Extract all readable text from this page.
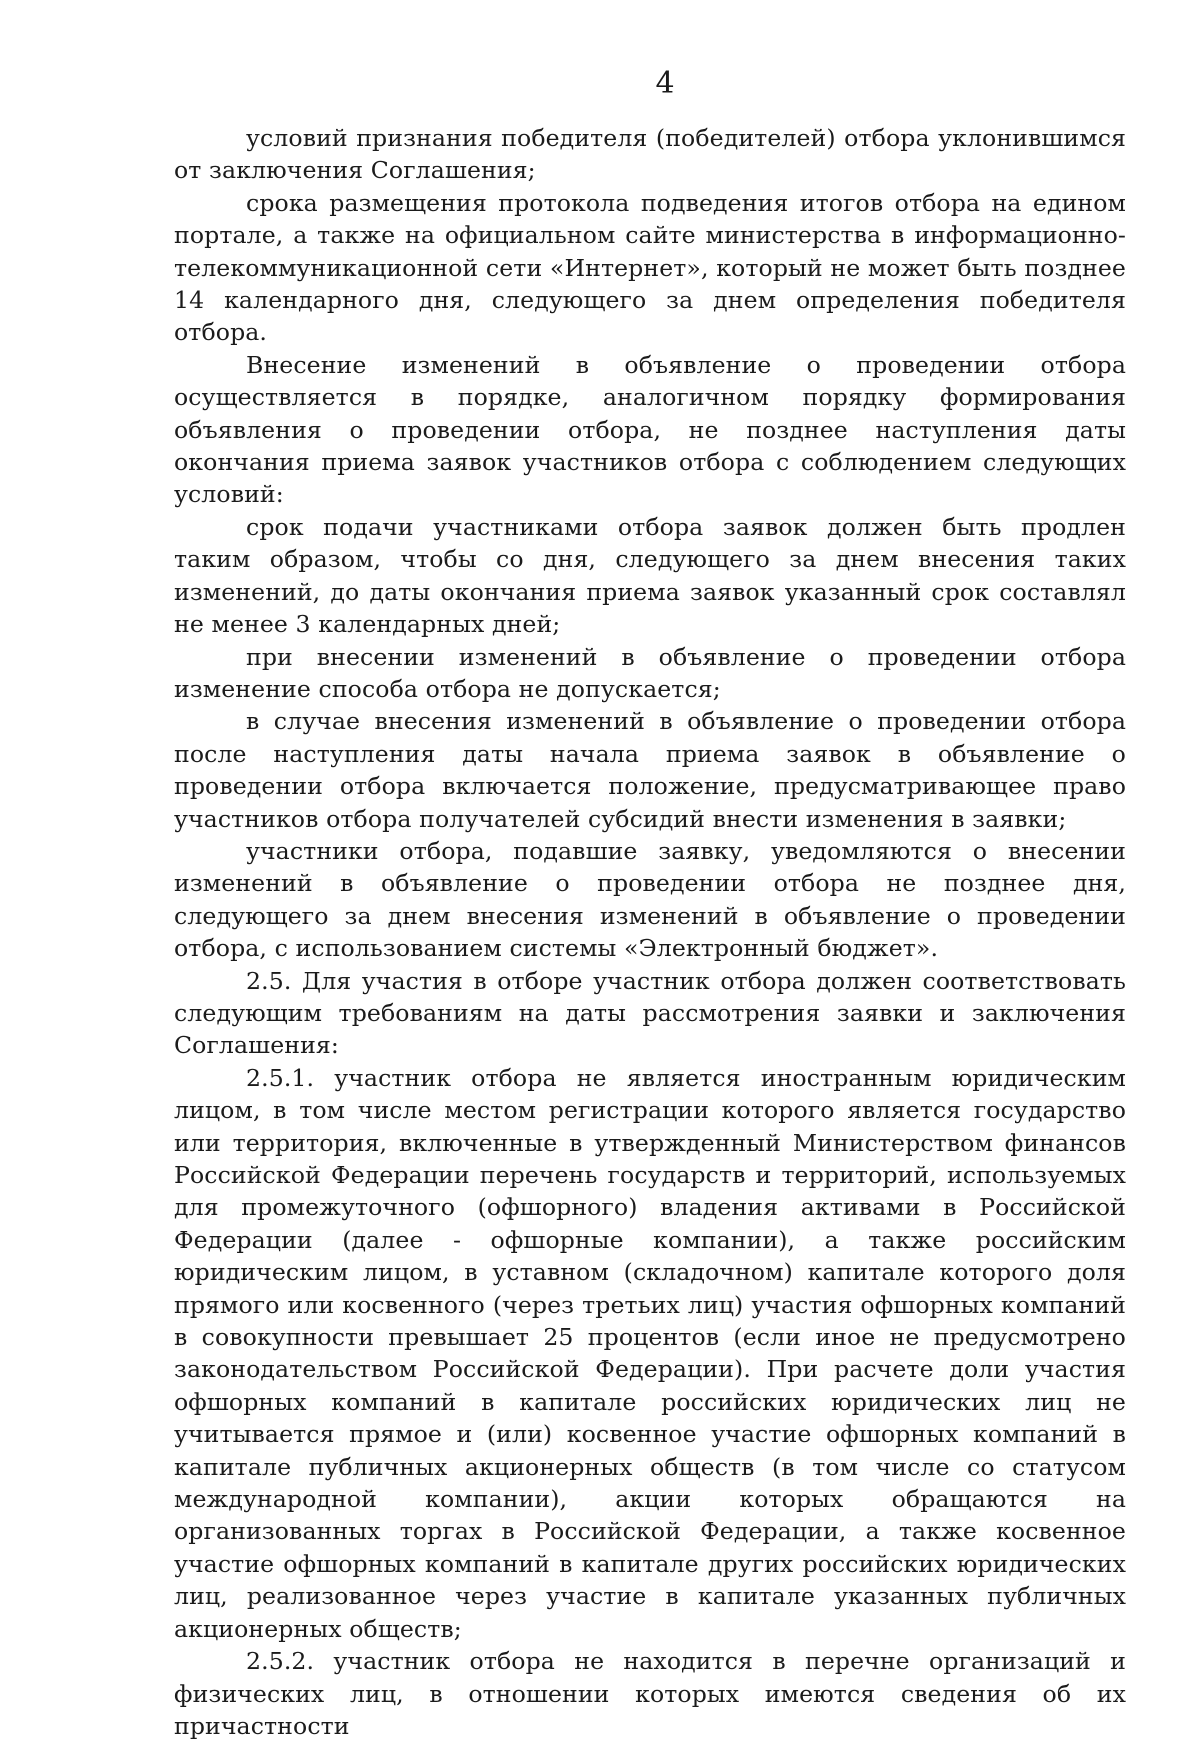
4

условий признания победителя (победителей) отбора уклонившимся от заключения Соглашения;

срока размещения протокола подведения итогов отбора на едином портале, а также на официальном сайте министерства в информационно-телекоммуникационной сети «Интернет», который не может быть позднее 14 календарного дня, следующего за днем определения победителя отбора.

Внесение изменений в объявление о проведении отбора осуществляется в порядке, аналогичном порядку формирования объявления о проведении отбора, не позднее наступления даты окончания приема заявок участников отбора с соблюдением следующих условий:

срок подачи участниками отбора заявок должен быть продлен таким образом, чтобы со дня, следующего за днем внесения таких изменений, до даты окончания приема заявок указанный срок составлял не менее 3 календарных дней;

при внесении изменений в объявление о проведении отбора изменение способа отбора не допускается;

в случае внесения изменений в объявление о проведении отбора после наступления даты начала приема заявок в объявление о проведении отбора включается положение, предусматривающее право участников отбора получателей субсидий внести изменения в заявки;

участники отбора, подавшие заявку, уведомляются о внесении изменений в объявление о проведении отбора не позднее дня, следующего за днем внесения изменений в объявление о проведении отбора, с использованием системы «Электронный бюджет».

2.5. Для участия в отборе участник отбора должен соответствовать следующим требованиям на даты рассмотрения заявки и заключения Соглашения:

2.5.1. участник отбора не является иностранным юридическим лицом, в том числе местом регистрации которого является государство или территория, включенные в утвержденный Министерством финансов Российской Федерации перечень государств и территорий, используемых для промежуточного (офшорного) владения активами в Российской Федерации (далее - офшорные компании), а также российским юридическим лицом, в уставном (складочном) капитале которого доля прямого или косвенного (через третьих лиц) участия офшорных компаний в совокупности превышает 25 процентов (если иное не предусмотрено законодательством Российской Федерации). При расчете доли участия офшорных компаний в капитале российских юридических лиц не учитывается прямое и (или) косвенное участие офшорных компаний в капитале публичных акционерных обществ (в том числе со статусом международной компании), акции которых обращаются на организованных торгах в Российской Федерации, а также косвенное участие офшорных компаний в капитале других российских юридических лиц, реализованное через участие в капитале указанных публичных акционерных обществ;

2.5.2. участник отбора не находится в перечне организаций и физических лиц, в отношении которых имеются сведения об их причастности
